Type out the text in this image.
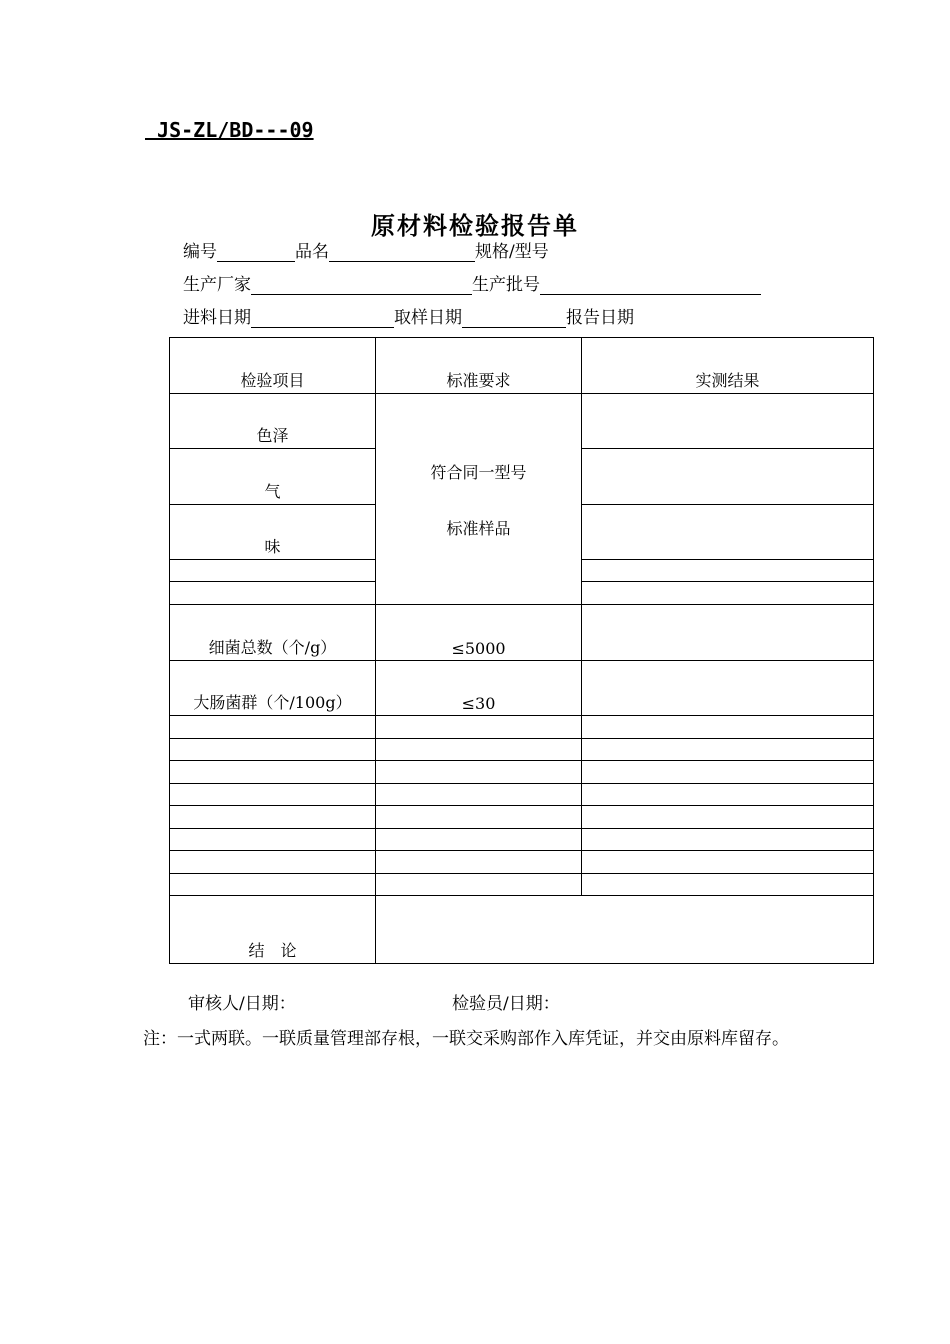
JS-ZL/BD---09
原材料检验报告单
编号	品名	规格/型号
生产厂家	生产批号
进料日期	取样日期	报告日期
检验项目	标准要求	实测结果
色泽	符合同一型号
标准样品	

气		
味		

细菌总数（个/g）	≤5000	
大肠菌群（个/100g）	≤30	

结　论		
审核人/日期：	检验员/日期：
注：一式两联。一联质量管理部存根，一联交采购部作入库凭证，并交由原料库留存。
